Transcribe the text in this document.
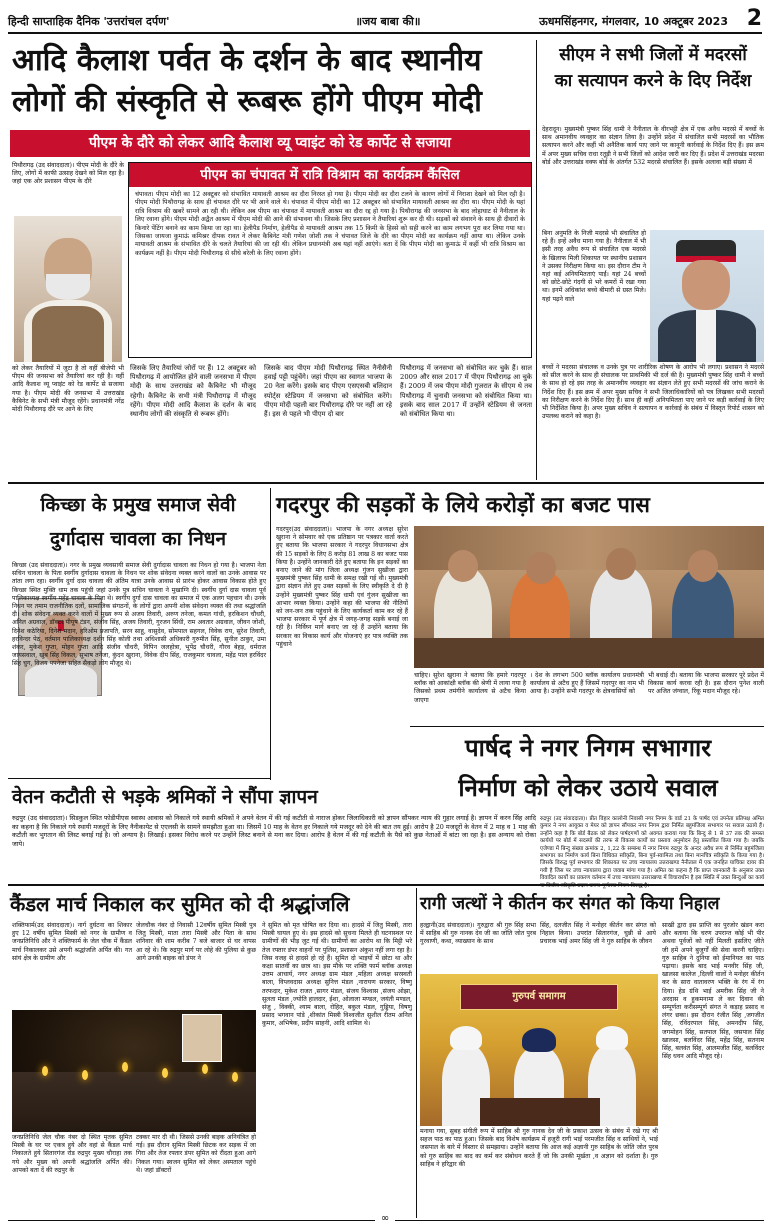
हिन्दी साप्ताहिक दैनिक 'उत्तरांचल दर्पण'	॥जय बाबा की॥	ऊधमसिंहनगर, मंगलवार, 10 अक्टूबर 2023 2
आदि कैलाश पर्वत के दर्शन के बाद स्थानीय
लोगों की संस्कृति से रूबरू होंगे पीएम मोदी
पीएम के दौरे को लेकर आदि कैलाश व्यू प्वाइंट को रेड कार्पेट से सजाया
पिथौरागढ़ (उद संवाददाता)। पीएम मोदी के दौरे के लिए, लोगों में काफी उत्साह देखने को मिल रहा है। जहां एक ओर प्रशासन पीएम के दौरे
को लेकर तैयारियों में जुटा है तो वहीं बीजेपी भी पीएम की जनसभा को तैयारियां कर रही है। वहीं आदि कैलाश व्यू प्वाइंट को रेड कार्पेट से सजाया गया है। पीएम मोदी की जनसभा में उत्तराखंड कैबिनेट के सभी मंत्री मौजूद रहेंगे। प्रधानमंत्री नरेंद्र मोदी पिथौरागढ़ दौरे पर आने के लिए
पीएम का चंपावत में रात्रि विश्राम का कार्यक्रम कैंसिल
चंपावत। पीएम मोदी का 12 अक्टूबर को संभावित मायावती आश्रम का दौरा निरस्त हो गया है। पीएम मोदी का दौरा टलने के कारण लोगों में निराशा देखने को मिल रही है। पीएम मोदी पिथौरागढ़ के साथ ही चंपावत दौरे पर भी आने वाले थे। चंपावत में पीएम मोदी का 12 अक्टूबर को संभावित मायावती आश्रम का दौरा था। पीएम मोदी के यहां रात्रि विश्राम की खबरें सामने आ रही थी। लेकिन अब पीएम का चंपावत में मायावती आश्रम का दौरा रद्द हो गया है। पिथौरागढ़ की जनसभा के बाद लोहाघाट से नैनीताल के लिए रवाना होंगे। पीएम मोदी अद्वैत आश्रम में पीएम मोदी की आने की संभावना थी। जिसके लिए प्रशासन ने तैयारियां शुरू कर दी थी। सड़कों को संवारने के साथ ही दीवारों के किनारे पेंटिंग बनाने का काम किया जा रहा था। हेलीपैड निर्माण, हेलीपैड से मायावती आश्रम तक 15 किमी के हिस्से को सही करने का काम लगभग पूरा कर लिया गया था। जिसका जायजा कुमाऊं कमिश्नर दीपक रावत ने लेकर कैबिनेट मंत्री गणेश जोशी तक ने चंपावत जिले के दौरे का पीएम मोदी का कार्यक्रम नहीं आया था। लेकिन उनके मायावती आश्रम के संभावित दौरे के चलते तैयारियां की जा रही थी। लेकिन प्रधानमंत्री अब यहां नहीं आएंगे। बता दें कि पीएम मोदी का कुमाऊं में कहीं भी रात्रि विश्राम का कार्यक्रम नहीं है। पीएम मोदी पिथौरागढ़ से सीधे बरेली के लिए रवाना होंगे।
जिसके लिए तैयारियां जोरों पर हैं। 12 अक्टूबर को पिथौरागढ़ में आयोजित होने वाली जनसभा में पीएम मोदी के साथ उत्तराखंड को कैबिनेट भी मौजूद रहेगी। कैबिनेट के सभी मंत्री पिथौरागढ़ में मौजूद रहेंगे। पीएम मोदी आदि कैलाश के दर्शन के बाद स्थानीय लोगों की संस्कृति से रूबरू होंगे।
जिसके बाद पीएम मोदी पिथौरागढ़ स्थित नैनीसैनी हवाई पट्टी पहुंचेंगे। जहां पीएम का स्वागत भाजपा के 20 नेता करेंगे। इसके बाद पीएम एसएसबी बलिदान स्पोर्ट्स स्टेडियम में जनसभा को संबोधित करेंगे। पीएम मोदी पहली बार पिथौरागढ़ दौरे पर नहीं आ रहे हैं। इस से पहले भी पीएम दो बार
पिथौरागढ़ में जनसभा को संबोधित कर चुके हैं। साल 2009 और साल 2017 में पीएम पिथौरागढ़ आ चुके हैं। 2009 में जब पीएम मोदी गुजरात के सीएम थे तब पिथौरागढ़ में चुनावी जनसभा को संबोधित किया था। इसके बाद साल 2017 में उन्होंने स्टेडियम से जनता को संबोधित किया था।
सीएम ने सभी जिलों में मदरसों
का सत्यापन करने के दिए निर्देश
देहरादून। मुख्यमंत्री पुष्कर सिंह धामी ने नैनीताल के वीरभट्टी क्षेत्र में एक अवैध मदरसे में बच्चों के साथ अमानवीय व्यवहार का संज्ञान लिया है। उन्होंने प्रदेश में संचालित सभी मदरसों का भौतिक सत्यापन करने और कहीं भी अनैतिक कार्य पाए जाने पर कानूनी कार्रवाई के निर्देश दिए हैं। इस क्रम में अपर मुख्य सचिव राधा रतूड़ी ने सभी जिलों को आदेश जारी कर दिए हैं। प्रदेश में उत्तराखंड मदरसा बोर्ड और उत्तराखंड वक्फ बोर्ड के अंतर्गत 532 मदरसे संचालित हैं। इसके अलावा बड़ी संख्या में
बिना अनुमति के निजी मदरसे भी संचालित हो रहे हैं। इन्हें अवैध माना गया है। नैनीताल में भी इसी तरह अवैध रूप से संचालित एक मदरसे के खिलाफ मिली शिकायत पर स्थानीय प्रशासन ने उसका निरीक्षण किया था। इस दौरान टीम ने यहां कई अनियमितताएं पाईं। यहां 24 बच्चों को छोटे-छोटे गंदगी से भरे कमरों में रखा गया था। इनमें अधिकांश बच्चे बीमारी से ग्रस्त मिले। यहां पढ़ने वाले
बच्चों ने मदरसा संचालक व उनके पुत्र पर शारीरिक शोषण के आरोप भी लगाए। प्रशासन ने मदरसे को सील करने के साथ ही संचालक पर प्राथमिकी भी दर्ज की है। मुख्यमंत्री पुष्कर सिंह धामी ने बच्चों के साथ हो रहे इस तरह के अमानवीय व्यवहार का संज्ञान लेते हुए सभी मदरसों की जांच कराने के निर्देश दिए हैं। इस क्रम में अपर मुख्य सचिव ने सभी जिलाधिकारियों को पत्र लिखकर सभी मदरसों का निरीक्षण करने के निर्देश दिए हैं। साथ ही कहीं अनियमितता पाए जाने पर कड़ी कार्रवाई के लिए भी निर्देशित किया है। अपर मुख्य सचिव ने सत्यापन व कार्रवाई के संबंध में विस्तृत रिपोर्ट शासन को उपलब्ध कराने को कहा है।
किच्छा के प्रमुख समाज सेवी
दुर्गादास चावला का निधन
किच्छा (उद संवाददाता)। नगर के प्रमुख व्यवसायी समाज सेवी दुर्गादास चावला का निधन हो गया है। भाजपा नेता सचिन चावला के पिता स्वर्गीय दुर्गादास चावला के निधन पर शोक संवेदना व्यक्त करने वालों का उनके आवास पर तांता लगा रहा। स्वर्गीय दुर्गा दास चावला की अंतिम यात्रा उनके आवास से प्रारंभ होकर आवास विकास होते हुए किच्छा स्थित मुक्ति धाम तक पहुंची जहां उनके पुत्र सचिन चावला ने मुखाग्नि दी। स्वर्गीय दुर्गा दास चावला पूर्व पालिकाध्यक्ष स्वर्गीय महेंद्र चावला के पिता थे। स्वर्गीय दुर्गा दास चावला का समाज में एक अलग पहचान थी। उनके निधन पर तमाम राजनीतिक दलों, सामाजिक संगठनों, के लोगों द्वारा अपनी शोक संवेदना व्यक्त की तथा श्रद्धांजलि दी। शोक संवेदना व्यक्त करने वालों में मुख्य रूप से अजय तिवारी, अरुण तनेजा, कमल गांधी, हरकिशन चौधरी, अनिल अग्रवाल, डॉक्टर पीयूष टंडन, संजीव सिंह, अजय तिवारी, गुरजन सिंधी, राम अवतार अग्रवाल, जीवन जोशी, दिनेश कठेरिया, दिनेश मदान, हरिओम प्रजापति, सरन साहू, वासुदेव, सोमपाल सहगल, विवेक राय, सुरेश तिवारी, हरविन्दर पेठ, वर्तमान पालिकाध्यक्ष दर्शन सिंह कोली तथा अधिशासी अधिकारी गुरुमीत सिंह, सुनील ठाकुर, उमा शंकर, मुकेश गुप्ता, मोहन गुप्ता आदि संजीव चौधरी, विपिन जलहोत्रा, भूपेंद्र चौधरी, गौरव बेहड़, धर्मराज जायसवाल, खुब सिंह विकल, सुभाष तनेजा, कुंदन खुराना, विवेक दीप सिंह, राजकुमार चावला, महेंद्र पाल हरविंदर सिंह चुग, विजय पपनेजा सहित सैकड़ो लोग मौजूद थे।
वेतन कटौती से भड़के श्रमिकों ने सौंपा ज्ञापन
रुद्रपुर (उद संवाददाता)। सिडकुल स्थित फोडीपीएस स्वास्थ आवास को निकाले गये स्थायी श्रमिकों ने अपने वेतन में की गई कटौती से नाराज होकर जिलाधिकारी को ज्ञापन सौंपकर न्याय की गुहार लगाई है। ज्ञापन में करन सिंह आदि का कहना है कि निकाले गये स्थायी मजदूरों के लिए नैनीकायेट से एएलसी के सामने समझौता हुआ था। जिसमें 10 माह के वेतन हर निकाले गये मजदूर को देने की बात तय हुई। आरोप है 20 मजदूरों के वेतन में 2 माह व 1 माह की कटौती कर भुगतान की लिस्ट बनाई गई है। जो अन्याय है। लिखाई। इसका विरोध करने पर उन्होंने लिस्ट बनाने से मना कर दिया। आरोप है वेतन में की गई कटौती के पैसे को कुछ नेताओं में बांटा जा रहा है। इस अन्याय को रोका जाये।
गदरपुर की सड़कों के लिये करोड़ों का बजट पास
गदरपुर(उद संवाददाता)। भाजपा के नगर अध्यक्ष सुरेश खुराना ने सोमवार को एक प्रतिष्ठान पर पत्रकार वार्ता करते हुए बताया कि भाजपा सरकार ने गदरपुर विधानसभा क्षेत्र की 15 सड़कों के लिए 8 करोड़ 81 लाख 8 का बजट पास किया है। उन्होंने जानकारी देते हुए बताया कि इन सड़कों का बनाए जाने की मांग जिला अध्यक्ष गुंजन सुखीजा द्वारा मुख्यमंत्री पुष्कर सिंह धामी के समक्ष रखी गई थी। मुख्यमंत्री द्वारा संज्ञान लेते हुए उक्त सड़कों के लिए स्वीकृति दे दी है उन्होंने मुख्यमंत्री पुष्कर सिंह धामी एवं गुंजन सुखीजा का आभार व्यक्त किया। उन्होंने कहा की भाजपा की नीतियों को जन-जन तक पहुंचाने के लिए कार्यकर्ता काम कर रहे हैं भाजपा सरकार में पूर्ण क्षेत्र में जगह-जगह सड़कें बनाई जा रही है। निर्विघ्न मार्ग बनाए जा रहे हैं उन्होंने बताया कि सरकार का विकास कार्य और योजनाएं हर पात्र व्यक्ति तक पहुंचाने
चाहिए। सुरेश खुराना ने बताया कि हमारे गदरपुर ब्लॉक को आकांक्षी ब्लॉक की श्रेणी में लाया गया है जिसको प्रथम तमंगीने कार्यालय से अटैच किया जाएगा
। देश के लगभग 500 ब्लॉक कार्यालय प्रधानमंत्री कार्यालय से अटैच हुए हैं जिसमें गदरपुर का नाम भी आया है। उन्होंने सभी गदरपुर के क्षेत्रवासियों को
भी बधाई दी। बताया कि भाजपा सरकार पूरे प्रदेश में विकास कार्य करवा रही है। इस दौरान पुनेश वाली पर अजित जंग्वाल, रिंकू मदान मौजूद रहे।
पार्षद ने नगर निगम सभागार
निर्माण को लेकर उठाये सवाल
रुद्रपुर (उद संवाददाता)। प्रीत विहार कालोनी निवासी नगर निगम के वार्ड 21 के पार्षद एवं उपनेता प्रतिपक्ष अमित कुमार ने नगर आयुक्त व मेयर को ज्ञापन सौंपकर नगर निगम द्वारा निर्मित बहुमंजिला सभागार पर सवाल उठाये हैं। उन्होंने कहा है कि बोर्ड बैठक को लेकर पार्षदगणों को अवगत कराया गया कि बिन्दु से 1 से 37 तक की समस्त कार्ययों पर बोर्ड में सदस्यों की तरफ से विकास कार्यों का प्रस्ताव अनुमोदन हेतु प्रस्तावित किया गया है। जबकि एजेण्डा में बिन्दु संख्या क्रमांक 2, 1,22 के सम्बन्ध में नगर निगम रुद्रपुर के अन्दर अवैध रूप से निर्मित बहुमंजिला सभागार का निर्माण कार्य बिना विधिवत स्वीकृति, बिना पूर्व-स्वामित्व तथा बिना मानचित्र स्वीकृति के किया गया है। जिसके विरुद्ध पूर्व सभागार की शिकायत पर उच्च न्यायालय उत्तराखण्ड नैनीताल में एक जनहित याचिका दायर की गयी है जिस पर उच्च न्यायालय द्वारा जवाब मांगा गया है। अमित का कहना है कि प्राप्त जानकारी के अनुसार उक्त विवादित कार्यों का प्रकरण वर्तमान में उच्च न्यायालय उत्तराखण्ड में विचाराधीन है इस स्थिति में उक्त बिन्दुओं का कार्य
कैंडल मार्च निकाल कर सुमित को दी श्रद्धांजलि
शक्तिफार्म(उद संवाददाता)। नार्ग दुर्घटना का शिकार हुए 12 वर्षीय सुमित मिस्त्री को नगर के ग्रामीण व जनप्रतिनिधि और ने शक्तिफार्म के जेल चौक में कैंडल मार्च निकालकर उसे अपनी श्रद्धांजलि अर्पित की। गत सांयं क्षेत्र के ग्रामीण और
जेलचौक नंबर दो निवासी 12वर्षीय सुमित मिस्त्री पुत्र जितु मिस्त्री, माता तारा मिस्त्री और पिता के साथ शनिवार की शाम करीब 7 बजे बाजार से घर वापस आ रहे थे। कि रुद्रपुर मार्ग पर लोहे की पुलिया से कुछ आगे उनकी बाइक को डंपर ने
जनप्रतिनिधि जेल चौक नंबर दो स्थित मृतक सुमित मिस्त्री के घर पर एकत्र हुये और वहां से कैंडल मार्च निकालते हुये सितारगंज रोड रुद्रपुर मुख्य चौराहा तक गये और मुख्य को अपनी श्रद्धांजलि अर्पित की। आपको बता दें की रुद्रपुर के
टक्कर मार दी थी। जिससे उनकी बाइक अनियंत्रित हो गई। इस दौरान सुमित मिस्त्री छिटक कर सड़क में जा गिरा और तेज रफ्तार डंपर सुमित को रौंदता हुआ आगे निकल गया। स्वजन सुमित को लेकर अस्पताल पहुंचे थे। जहां डॉक्टरों
ने सुमित को मृत घोषित कर दिया था। हादसे में जितु मिस्त्री, तारा मिस्त्री घायल हुए थे। इस हादसे को सुचना मिलते ही घटनास्थल पर ग्रामीणों की भीड़ जुट गई थी। ग्रामीणों का आरोप था कि मिट्टी भरे तेज रफ्तार डंपर वाहनों पर पुलिस, प्रशासन अंकुश नहीं लगा रहा है। जिस वजह से हादसे हो रहे हैं। सुमित दो भाइयों में छोटा था और कक्षा सातवीं का छात्र था। इस मौके पर शक्ति फार्म ब्लॉक अध्यक्ष उत्तम आचार्य, नगर अध्यक्ष ग्राम मंडल ,महिला अध्यक्ष सरस्वती बाला, विप्लवदास अध्यक्ष सुनित्त मंडल ,नारायण सरकार, विष्णु तरफदार, मुकेश राजत ,सागर मंडल, संजय विश्वास ,संजय ओझा, सुलता मंडल ,ज्योति हालदार, ईशा, ओलाला मण्डल, जयंती मण्डल, संजु , विक्की, श्याम बाला, रोहित, बकुल मंडल, गुड्डिया, विषणु प्रसाद भगवान पांडे ,शीकांत मिस्त्री विश्वजीत सुशील रीतम अनिल कुमार, अभिषेक, प्रदीप साहनी, आदि शामिल थे।
रागी जत्थों ने कीर्तन कर संगत को किया निहाल
हल्द्वानी(उद संवाददाता)। गुरुद्वारा श्री गुरु सिंह सभा में साहिब श्री गुरु नानक देव जी का जोति जोत पुरब गुरवाणी, कथा, व्याख्यान के साथ
सिंह, दलजीत सिंह ने मनोहर कीर्तन कर संगत को निहाल किया। उपरांत सितारगंज, चुन्नी से आये प्रचारक भाई अमर सिंह जी ने गुरु साहिब के जीवन
साखी द्वारा इस प्राप्ति का पुरजोर खंडन करा और बताया कि चरण उपरान्त कोई भी पीर अथवा पूर्वजों को नहीं मिलती इसलिए जीते जी हमें अपने बुजुर्गों की सेवा करनी चाहिए। गुरु साहिब ने दुनिया को ईमानियत का पाठ पढ़ाया। इसके बाद भाई मनवीर सिंह जी, खालसा कालेज ,दिल्ली वालों ने मनोहर कीर्तन कर के सारा वातावरण भक्ति के रंग में रंग दिया। हेड ग्रंथि भाई अमरीक सिंह जी ने अरदास व हुकमनामा ले कर दिवान की सम्पूर्णता करीसम्पूर्ण संगत ने कड़ाह प्रसाद व लंगर छका। इस दौरान रंजीत सिंह ,जगजीत सिंह, रविंदरपाल सिंह, अमनदीप सिंह, जगमोहन सिंह, सतपाल सिंह, जसपाल सिंह खालसा, बलविंदर सिंह, महेंद्र सिंह, सतनाम सिंह, बलवंत सिंह, आलमजीत सिंह, बलविंदर सिंह धवन आदि मौजूद रहे।
गुरुपर्व समागम
मनाया गया, सुबह संगीती रूप में साहिब श्री गुरु नानक देव जी के प्रकाश उत्सव के संबंध में रखे गए श्री सहज पाठ का पाठ हुआ। जिसके बाद विशेष कार्यक्रम में हजूरी रागी भाई परमजीत सिंह व साथियों ने, भाई जसपाल के बारे में विस्तार से समझाया। उन्होंने बताया कि आज कई अज्ञानी गुरु साहिब के जोति जोत पुरब को गुरु साहिब का बाद का कर्म कर संबोधन करते हैं जो कि उनकी मूर्खता ,व अज्ञान को दर्शाता है। गुरु साहिब ने हरिद्वार की
∞
